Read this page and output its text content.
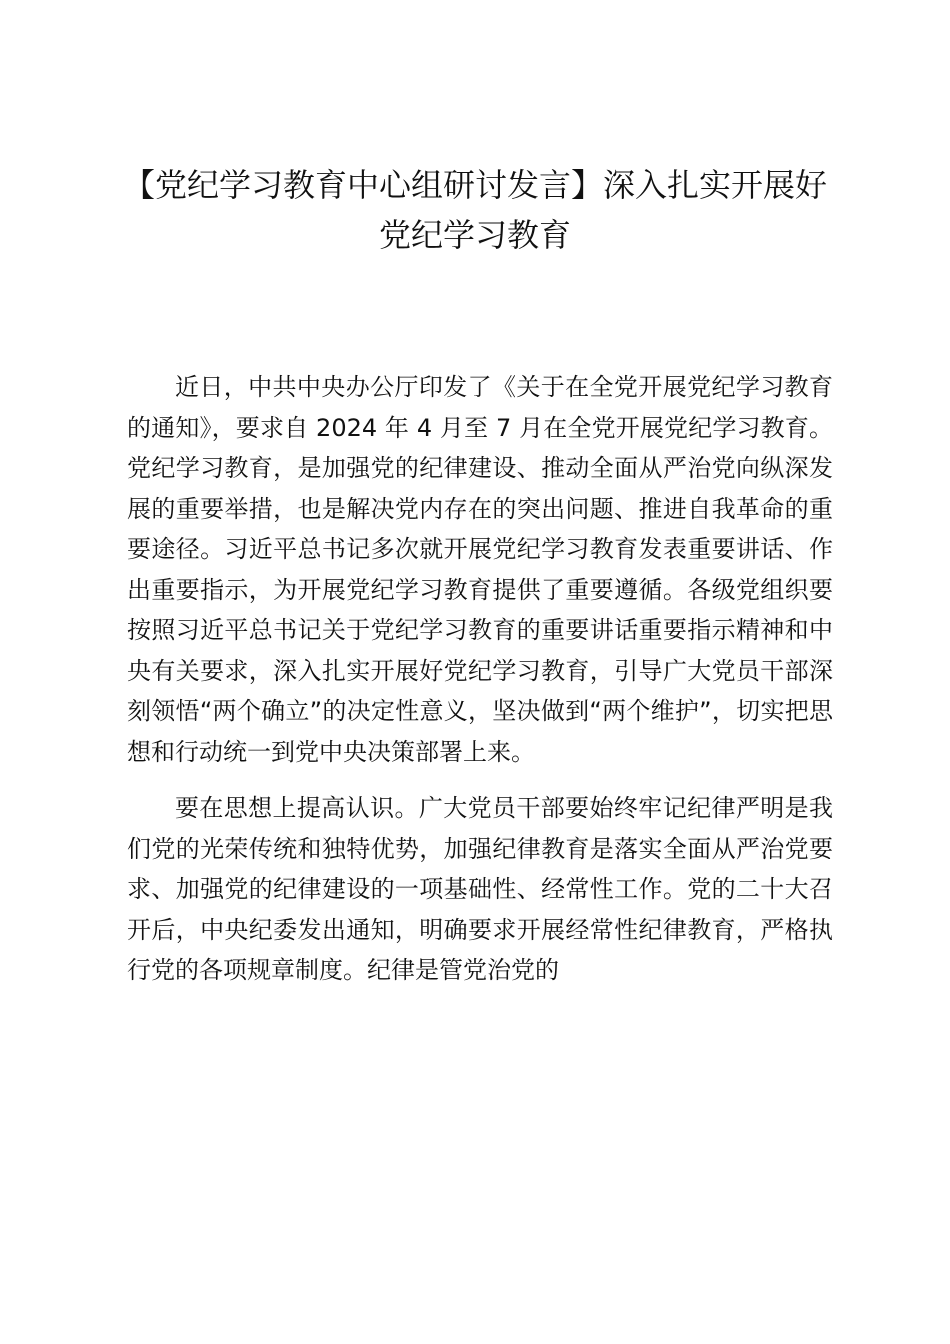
【党纪学习教育中心组研讨发言】深入扎实开展好党纪学习教育

近日，中共中央办公厅印发了《关于在全党开展党纪学习教育的通知》，要求自 2024 年 4 月至 7 月在全党开展党纪学习教育。党纪学习教育，是加强党的纪律建设、推动全面从严治党向纵深发展的重要举措，也是解决党内存在的突出问题、推进自我革命的重要途径。习近平总书记多次就开展党纪学习教育发表重要讲话、作出重要指示，为开展党纪学习教育提供了重要遵循。各级党组织要按照习近平总书记关于党纪学习教育的重要讲话重要指示精神和中央有关要求，深入扎实开展好党纪学习教育，引导广大党员干部深刻领悟“两个确立”的决定性意义，坚决做到“两个维护”，切实把思想和行动统一到党中央决策部署上来。

要在思想上提高认识。广大党员干部要始终牢记纪律严明是我们党的光荣传统和独特优势，加强纪律教育是落实全面从严治党要求、加强党的纪律建设的一项基础性、经常性工作。党的二十大召开后，中央纪委发出通知，明确要求开展经常性纪律教育，严格执行党的各项规章制度。纪律是管党治党的
